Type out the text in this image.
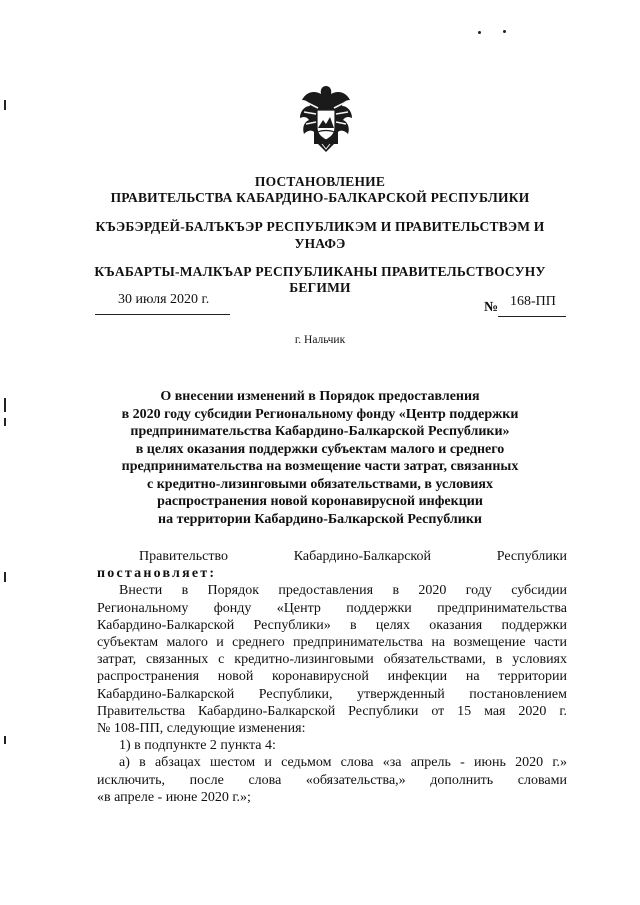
ПОСТАНОВЛЕНИЕ
ПРАВИТЕЛЬСТВА КАБАРДИНО-БАЛКАРСКОЙ РЕСПУБЛИКИ
КЪЭБЭРДЕЙ-БАЛЪКЪЭР РЕСПУБЛИКЭМ И ПРАВИТЕЛЬСТВЭМ И
УНАФЭ
КЪАБАРТЫ-МАЛКЪАР РЕСПУБЛИКАНЫ ПРАВИТЕЛЬСТВОСУНУ
БЕГИМИ
30 июля 2020 г.
№ 168-ПП
г. Нальчик
О внесении изменений в Порядок предоставления
в 2020 году субсидии Региональному фонду «Центр поддержки
предпринимательства Кабардино-Балкарской Республики»
в целях оказания поддержки субъектам малого и среднего
предпринимательства на возмещение части затрат, связанных
с кредитно-лизинговыми обязательствами, в условиях
распространения новой коронавирусной инфекции
на территории Кабардино-Балкарской Республики
Правительство Кабардино-Балкарской Республики
постановляет:
Внести в Порядок предоставления в 2020 году субсидии
Региональному фонду «Центр поддержки предпринимательства
Кабардино-Балкарской Республики» в целях оказания поддержки
субъектам малого и среднего предпринимательства на возмещение части
затрат, связанных с кредитно-лизинговыми обязательствами, в условиях
распространения новой коронавирусной инфекции на территории
Кабардино-Балкарской Республики, утвержденный постановлением
Правительства Кабардино-Балкарской Республики от 15 мая 2020 г.
№ 108-ПП, следующие изменения:
1) в подпункте 2 пункта 4:
а) в абзацах шестом и седьмом слова «за апрель - июнь 2020 г.»
исключить, после слова «обязательства,» дополнить словами
«в апреле - июне 2020 г.»;
